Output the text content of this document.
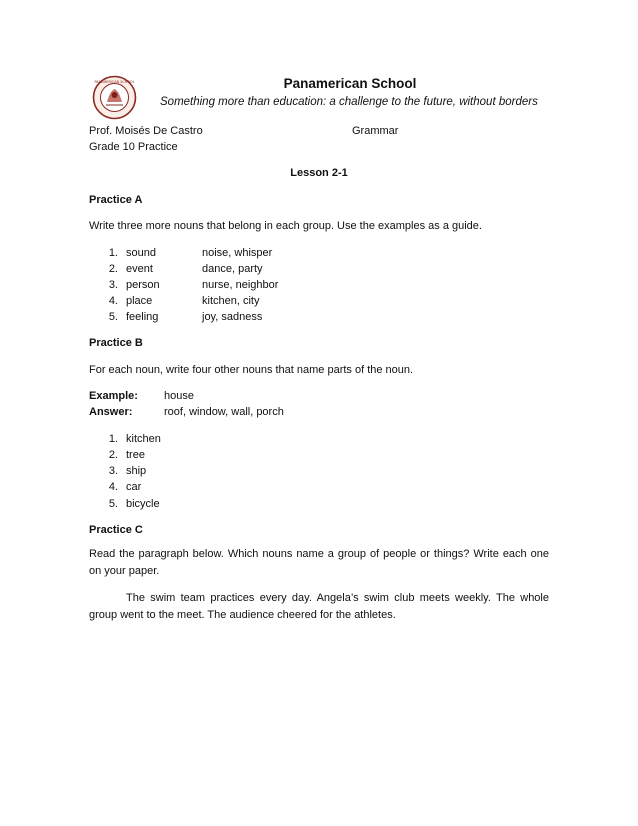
PANAMERICAN SCHOOL	Panamerican School
Something more than education: a challenge to the future, without borders
Prof. Moisés De Castro	Grammar
Grade 10 Practice
Lesson 2-1
Practice A
Write three more nouns that belong in each group. Use the examples as a guide.
1. sound	noise, whisper
2. event	dance, party
3. person	nurse, neighbor
4. place	kitchen, city
5. feeling	joy, sadness
Practice B
For each noun, write four other nouns that name parts of the noun.
Example: house
Answer:	roof, window, wall, porch
1. kitchen
2. tree
3. ship
4. car
5. bicycle
Practice C
Read the paragraph below. Which nouns name a group of people or things? Write each one on your paper.
The swim team practices every day. Angela’s swim club meets weekly. The whole group went to the meet. The audience cheered for the athletes.
